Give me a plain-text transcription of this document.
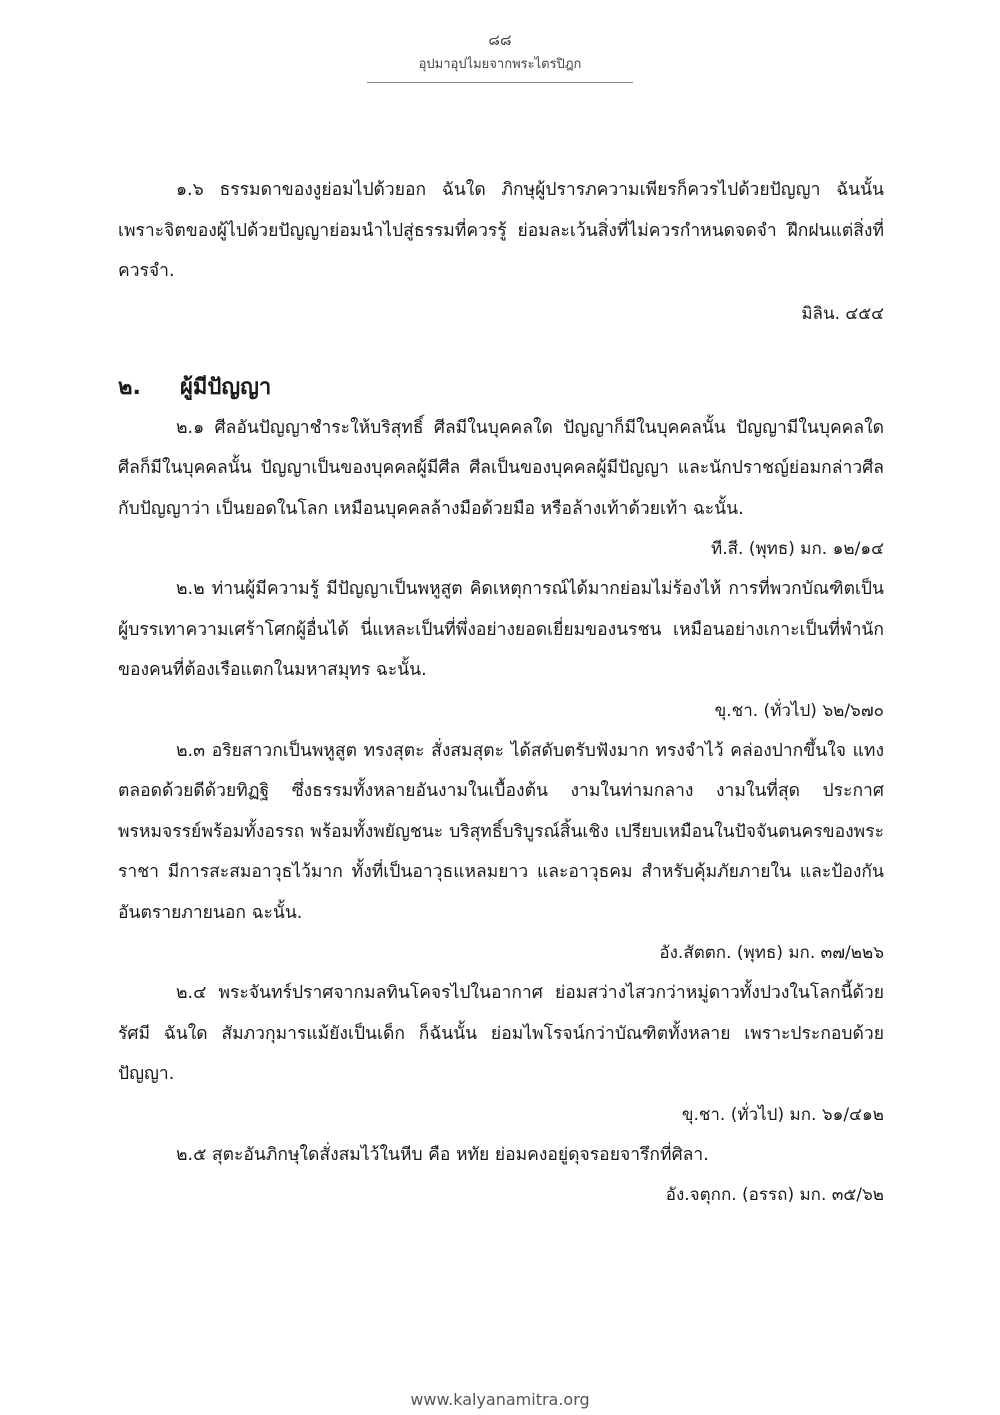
๘๘
อุปมาอุปไมยจากพระไตรปิฎก

๑.๖ ธรรมดาของงูย่อมไปด้วยอก ฉันใด ภิกษุผู้ปรารภความเพียรก็ควรไปด้วยปัญญา ฉันนั้น เพราะจิตของผู้ไปด้วยปัญญาย่อมนำไปสู่ธรรมที่ควรรู้ ย่อมละเว้นสิ่งที่ไม่ควรกำหนดจดจำ ฝึกฝนแต่สิ่งที่ควรจำ.

มิลิน. ๔๕๔

๒. ผู้มีปัญญา

๒.๑ ศีลอันปัญญาชำระให้บริสุทธิ์ ศีลมีในบุคคลใด ปัญญาก็มีในบุคคลนั้น ปัญญามีในบุคคลใด ศีลก็มีในบุคคลนั้น ปัญญาเป็นของบุคคลผู้มีศีล ศีลเป็นของบุคคลผู้มีปัญญา และนักปราชญ์ย่อมกล่าวศีลกับปัญญาว่า เป็นยอดในโลก เหมือนบุคคลล้างมือด้วยมือ หรือล้างเท้าด้วยเท้า ฉะนั้น.

ที.สี. (พุทธ) มก. ๑๒/๑๔

๒.๒ ท่านผู้มีความรู้ มีปัญญาเป็นพหูสูต คิดเหตุการณ์ได้มากย่อมไม่ร้องไห้ การที่พวกบัณฑิตเป็นผู้บรรเทาความเศร้าโศกผู้อื่นได้ นี่แหละเป็นที่พึ่งอย่างยอดเยี่ยมของนรชน เหมือนอย่างเกาะเป็นที่พำนักของคนที่ต้องเรือแตกในมหาสมุทร ฉะนั้น.

ขุ.ชา. (ทั่วไป) ๖๒/๖๗๐

๒.๓ อริยสาวกเป็นพหูสูต ทรงสุตะ สั่งสมสุตะ ได้สดับตรับฟังมาก ทรงจำไว้ คล่องปากขึ้นใจ แทงตลอดด้วยดีด้วยทิฏฐิ ซึ่งธรรมทั้งหลายอันงามในเบื้องต้น งามในท่ามกลาง งามในที่สุด ประกาศพรหมจรรย์พร้อมทั้งอรรถ พร้อมทั้งพยัญชนะ บริสุทธิ์บริบูรณ์สิ้นเชิง เปรียบเหมือนในปัจจันตนครของพระราชา มีการสะสมอาวุธไว้มาก ทั้งที่เป็นอาวุธแหลมยาว และอาวุธคม สำหรับคุ้มภัยภายใน และป้องกันอันตรายภายนอก ฉะนั้น.

อัง.สัตตก. (พุทธ) มก. ๓๗/๒๒๖

๒.๔ พระจันทร์ปราศจากมลทินโคจรไปในอากาศ ย่อมสว่างไสวกว่าหมู่ดาวทั้งปวงในโลกนี้ด้วยรัศมี ฉันใด สัมภวกุมารแม้ยังเป็นเด็ก ก็ฉันนั้น ย่อมไพโรจน์กว่าบัณฑิตทั้งหลาย เพราะประกอบด้วยปัญญา.

ขุ.ชา. (ทั่วไป) มก. ๖๑/๔๑๒

๒.๕ สุตะอันภิกษุใดสั่งสมไว้ในหีบ คือ หทัย ย่อมคงอยู่ดุจรอยจารึกที่ศิลา.

อัง.จตุกก. (อรรถ) มก. ๓๕/๖๒

www.kalyanamitra.org
